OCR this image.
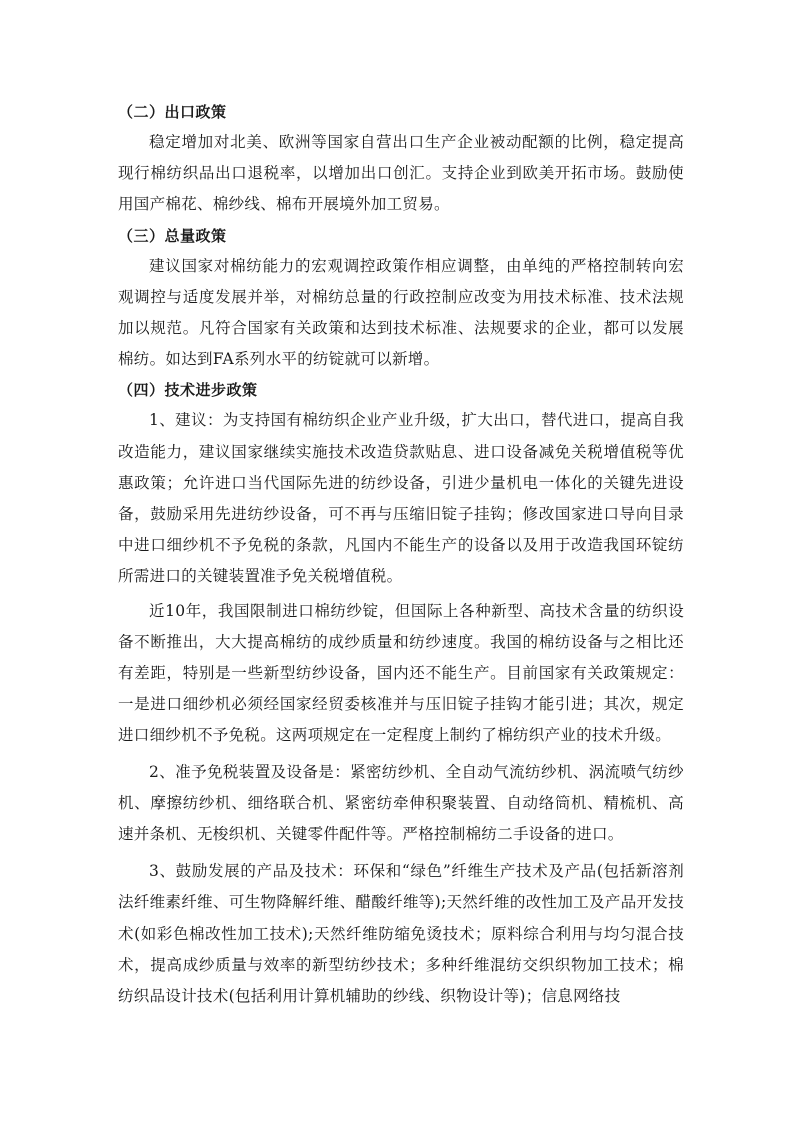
（二）出口政策

稳定增加对北美、欧洲等国家自营出口生产企业被动配额的比例，稳定提高现行棉纺织品出口退税率，以增加出口创汇。支持企业到欧美开拓市场。鼓励使用国产棉花、棉纱线、棉布开展境外加工贸易。

（三）总量政策

建议国家对棉纺能力的宏观调控政策作相应调整，由单纯的严格控制转向宏观调控与适度发展并举，对棉纺总量的行政控制应改变为用技术标准、技术法规加以规范。凡符合国家有关政策和达到技术标准、法规要求的企业，都可以发展棉纺。如达到FA系列水平的纺锭就可以新增。

（四）技术进步政策

1、建议：为支持国有棉纺织企业产业升级，扩大出口，替代进口，提高自我改造能力，建议国家继续实施技术改造贷款贴息、进口设备减免关税增值税等优惠政策；允许进口当代国际先进的纺纱设备，引进少量机电一体化的关键先进设备，鼓励采用先进纺纱设备，可不再与压缩旧锭子挂钩；修改国家进口导向目录中进口细纱机不予免税的条款，凡国内不能生产的设备以及用于改造我国环锭纺所需进口的关键装置准予免关税增值税。

近10年，我国限制进口棉纺纱锭，但国际上各种新型、高技术含量的纺织设备不断推出，大大提高棉纺的成纱质量和纺纱速度。我国的棉纺设备与之相比还有差距，特别是一些新型纺纱设备，国内还不能生产。目前国家有关政策规定：一是进口细纱机必须经国家经贸委核准并与压旧锭子挂钩才能引进；其次，规定进口细纱机不予免税。这两项规定在一定程度上制约了棉纺织产业的技术升级。

2、准予免税装置及设备是：紧密纺纱机、全自动气流纺纱机、涡流喷气纺纱机、摩擦纺纱机、细络联合机、紧密纺牵伸积聚装置、自动络筒机、精梳机、高速并条机、无梭织机、关键零件配件等。严格控制棉纺二手设备的进口。

3、鼓励发展的产品及技术：环保和“绿色”纤维生产技术及产品(包括新溶剂法纤维素纤维、可生物降解纤维、醋酸纤维等);天然纤维的改性加工及产品开发技术(如彩色棉改性加工技术);天然纤维防缩免烫技术；原料综合利用与均匀混合技术，提高成纱质量与效率的新型纺纱技术；多种纤维混纺交织织物加工技术；棉纺织品设计技术(包括利用计算机辅助的纱线、织物设计等)；信息网络技
